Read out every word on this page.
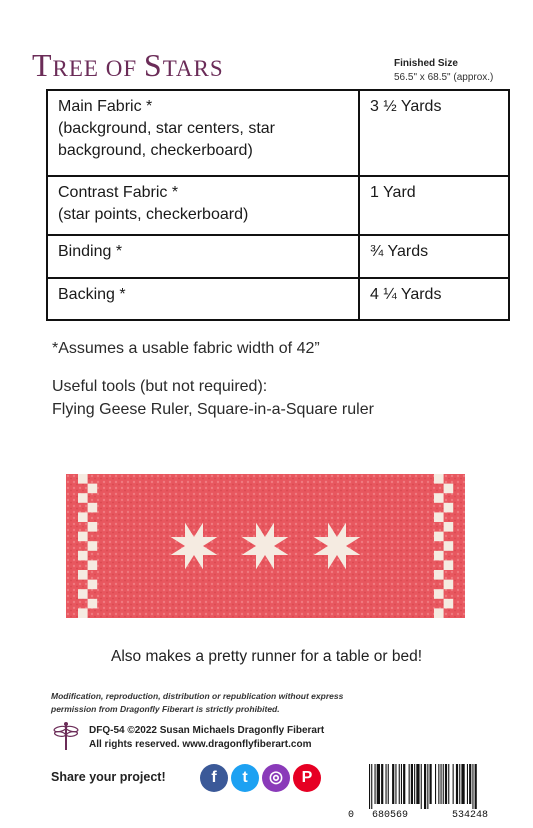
TREE OF STARS	Finished Size
56.5" x 68.5" (approx.)
Main Fabric *
(background, star centers, star
background, checkerboard)	3 ½ Yards

Contrast Fabric *
(star points, checkerboard)	1 Yard

Binding *	¾ Yards

Backing *	4 ¼ Yards
*Assumes a usable fabric width of 42”
Useful tools (but not required):
Flying Geese Ruler, Square-in-a-Square ruler
Also makes a pretty runner for a table or bed!
Modification, reproduction, distribution or republication without express permission from Dragonfly Fiberart is strictly prohibited.
DFQ-54 ©2022 Susan Michaels Dragonfly Fiberart
All rights reserved. www.dragonflyfiberart.com
Share your project!	f	t	◎	P
0 680569	534248
